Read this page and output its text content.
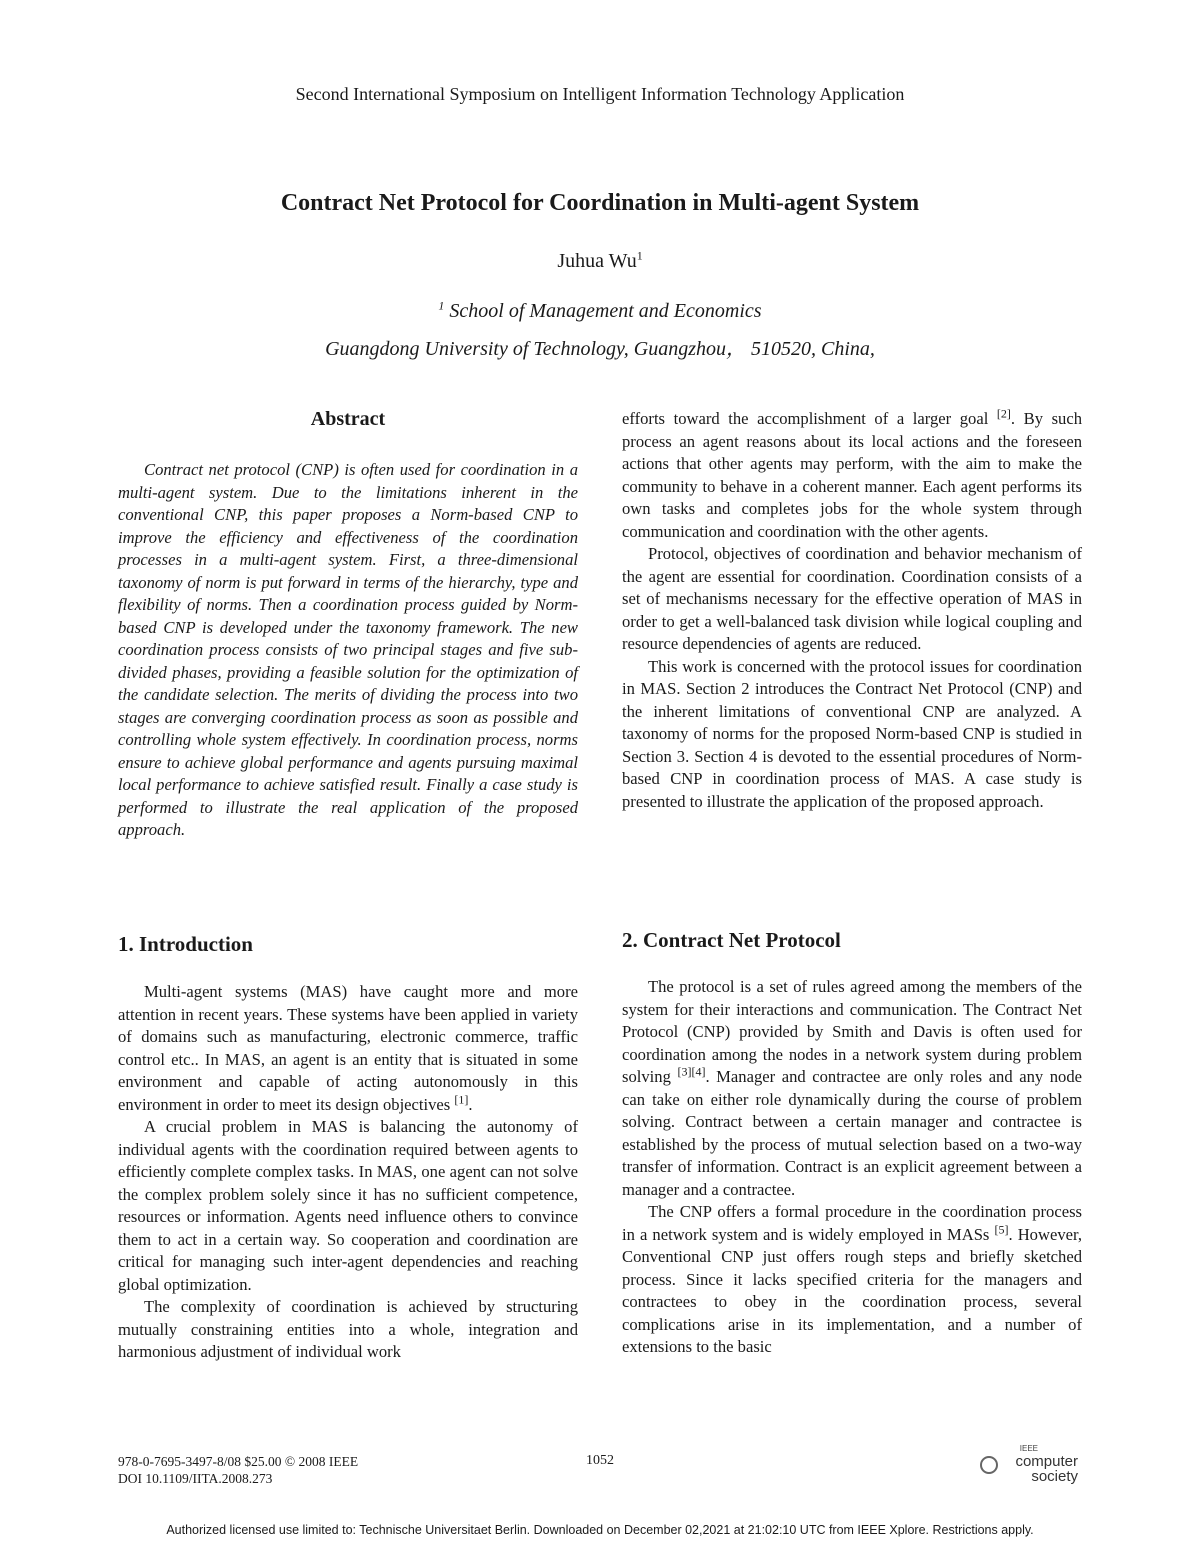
Second International Symposium on Intelligent Information Technology Application
Contract Net Protocol for Coordination in Multi-agent System
Juhua Wu$^1$
$^1$ School of Management and Economics
Guangdong University of Technology, Guangzhou， 510520, China,
Abstract

Contract net protocol (CNP) is often used for coordination in a multi-agent system. Due to the limitations inherent in the conventional CNP, this paper proposes a Norm-based CNP to improve the efficiency and effectiveness of the coordination processes in a multi-agent system. First, a three-dimensional taxonomy of norm is put forward in terms of the hierarchy, type and flexibility of norms. Then a coordination process guided by Norm-based CNP is developed under the taxonomy framework. The new coordination process consists of two principal stages and five sub-divided phases, providing a feasible solution for the optimization of the candidate selection. The merits of dividing the process into two stages are converging coordination process as soon as possible and controlling whole system effectively. In coordination process, norms ensure to achieve global performance and agents pursuing maximal local performance to achieve satisfied result. Finally a case study is performed to illustrate the real application of the proposed approach.

1. Introduction

Multi-agent systems (MAS) have caught more and more attention in recent years. These systems have been applied in variety of domains such as manufacturing, electronic commerce, traffic control etc.. In MAS, an agent is an entity that is situated in some environment and capable of acting autonomously in this environment in order to meet its design objectives [1].

A crucial problem in MAS is balancing the autonomy of individual agents with the coordination required between agents to efficiently complete complex tasks. In MAS, one agent can not solve the complex problem solely since it has no sufficient competence, resources or information. Agents need influence others to convince them to act in a certain way. So cooperation and coordination are critical for managing such inter-agent dependencies and reaching global optimization.

The complexity of coordination is achieved by structuring mutually constraining entities into a whole, integration and harmonious adjustment of individual work

efforts toward the accomplishment of a larger goal [2]. By such process an agent reasons about its local actions and the foreseen actions that other agents may perform, with the aim to make the community to behave in a coherent manner. Each agent performs its own tasks and completes jobs for the whole system through communication and coordination with the other agents.

Protocol, objectives of coordination and behavior mechanism of the agent are essential for coordination. Coordination consists of a set of mechanisms necessary for the effective operation of MAS in order to get a well-balanced task division while logical coupling and resource dependencies of agents are reduced.

This work is concerned with the protocol issues for coordination in MAS. Section 2 introduces the Contract Net Protocol (CNP) and the inherent limitations of conventional CNP are analyzed. A taxonomy of norms for the proposed Norm-based CNP is studied in Section 3. Section 4 is devoted to the essential procedures of Norm-based CNP in coordination process of MAS. A case study is presented to illustrate the application of the proposed approach.

2. Contract Net Protocol

The protocol is a set of rules agreed among the members of the system for their interactions and communication. The Contract Net Protocol (CNP) provided by Smith and Davis is often used for coordination among the nodes in a network system during problem solving [3][4]. Manager and contractee are only roles and any node can take on either role dynamically during the course of problem solving. Contract between a certain manager and contractee is established by the process of mutual selection based on a two-way transfer of information. Contract is an explicit agreement between a manager and a contractee.

The CNP offers a formal procedure in the coordination process in a network system and is widely employed in MASs [5]. However, Conventional CNP just offers rough steps and briefly sketched process. Since it lacks specified criteria for the managers and contractees to obey in the coordination process, several complications arise in its implementation, and a number of extensions to the basic

978-0-7695-3497-8/08 $25.00 © 2008 IEEE
DOI 10.1109/IITA.2008.273
1052
IEEE
computer
society
Authorized licensed use limited to: Technische Universitaet Berlin. Downloaded on December 02,2021 at 21:02:10 UTC from IEEE Xplore. Restrictions apply.
